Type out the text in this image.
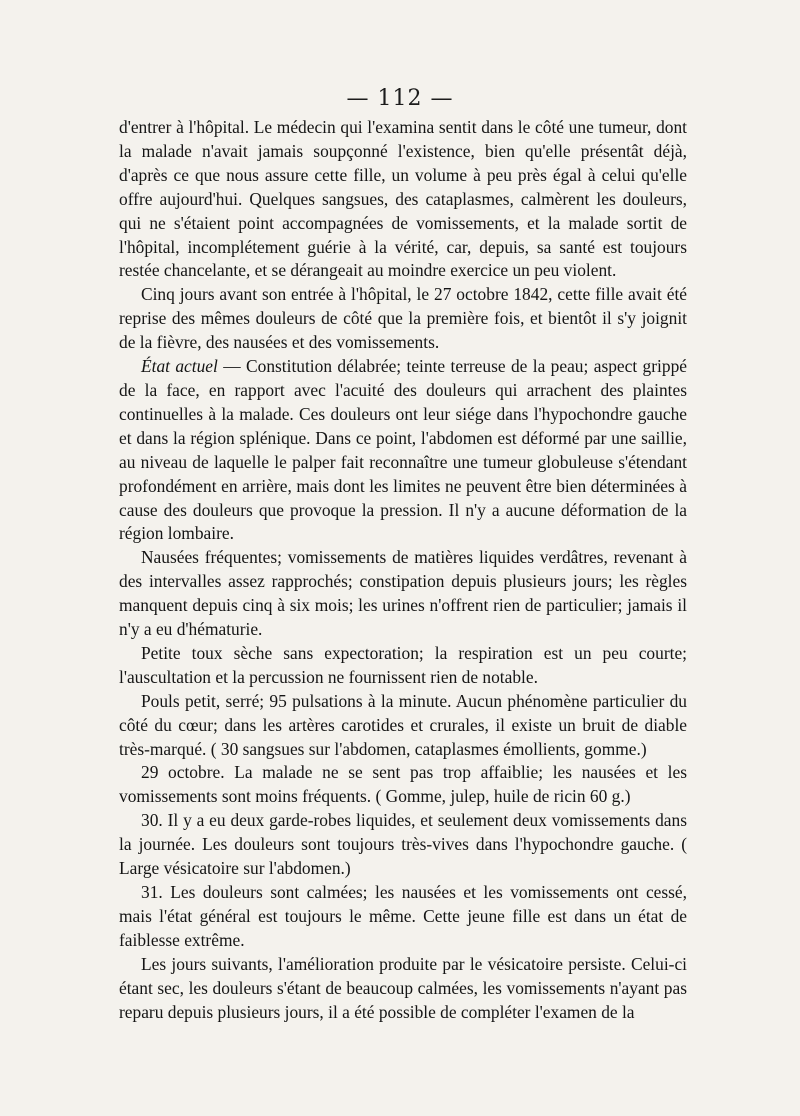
— 112 —

d'entrer à l'hôpital. Le médecin qui l'examina sentit dans le côté une tumeur, dont la malade n'avait jamais soupçonné l'existence, bien qu'elle présentât déjà, d'après ce que nous assure cette fille, un volume à peu près égal à celui qu'elle offre aujourd'hui. Quelques sangsues, des cataplasmes, calmèrent les douleurs, qui ne s'étaient point accompagnées de vomissements, et la malade sortit de l'hôpital, incomplétement guérie à la vérité, car, depuis, sa santé est toujours restée chancelante, et se dérangeait au moindre exercice un peu violent.

Cinq jours avant son entrée à l'hôpital, le 27 octobre 1842, cette fille avait été reprise des mêmes douleurs de côté que la première fois, et bientôt il s'y joignit de la fièvre, des nausées et des vomissements.

État actuel — Constitution délabrée; teinte terreuse de la peau; aspect grippé de la face, en rapport avec l'acuité des douleurs qui arrachent des plaintes continuelles à la malade. Ces douleurs ont leur siége dans l'hypochondre gauche et dans la région splénique. Dans ce point, l'abdomen est déformé par une saillie, au niveau de laquelle le palper fait reconnaître une tumeur globuleuse s'étendant profondément en arrière, mais dont les limites ne peuvent être bien déterminées à cause des douleurs que provoque la pression. Il n'y a aucune déformation de la région lombaire.

Nausées fréquentes; vomissements de matières liquides verdâtres, revenant à des intervalles assez rapprochés; constipation depuis plusieurs jours; les règles manquent depuis cinq à six mois; les urines n'offrent rien de particulier; jamais il n'y a eu d'hématurie.

Petite toux sèche sans expectoration; la respiration est un peu courte; l'auscultation et la percussion ne fournissent rien de notable.

Pouls petit, serré; 95 pulsations à la minute. Aucun phénomène particulier du côté du cœur; dans les artères carotides et crurales, il existe un bruit de diable très-marqué. ( 30 sangsues sur l'abdomen, cataplasmes émollients, gomme.)

29 octobre. La malade ne se sent pas trop affaiblie; les nausées et les vomissements sont moins fréquents. ( Gomme, julep, huile de ricin 60 g.)

30. Il y a eu deux garde-robes liquides, et seulement deux vomissements dans la journée. Les douleurs sont toujours très-vives dans l'hypochondre gauche. ( Large vésicatoire sur l'abdomen.)

31. Les douleurs sont calmées; les nausées et les vomissements ont cessé, mais l'état général est toujours le même. Cette jeune fille est dans un état de faiblesse extrême.

Les jours suivants, l'amélioration produite par le vésicatoire persiste. Celui-ci étant sec, les douleurs s'étant de beaucoup calmées, les vomissements n'ayant pas reparu depuis plusieurs jours, il a été possible de compléter l'examen de la
